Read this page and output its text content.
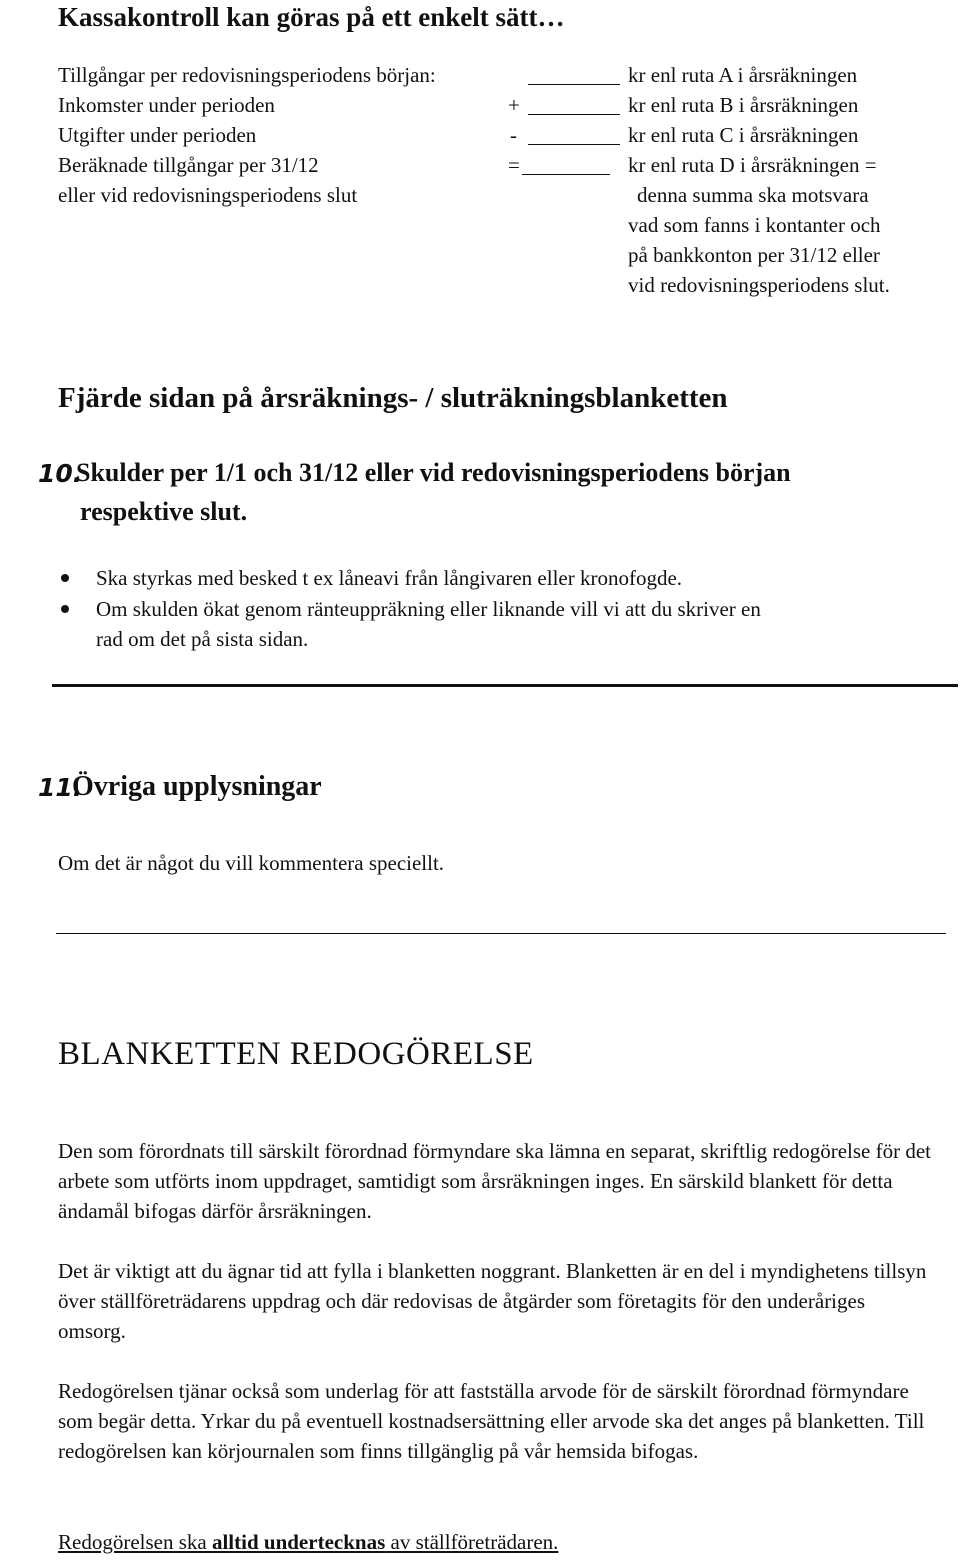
Kassakontroll kan göras på ett enkelt sätt…
Tillgångar per redovisningsperiodens början:	kr enl ruta A i årsräkningen
Inkomster under perioden	+	kr enl ruta B i årsräkningen
Utgifter under perioden	-	kr enl ruta C i årsräkningen
Beräknade tillgångar per 31/12	=	kr enl ruta D i årsräkningen =
eller vid redovisningsperiodens slut	denna summa ska motsvara
vad som fanns i kontanter och
på bankkonton per 31/12 eller
vid redovisningsperiodens slut.
Fjärde sidan på årsräknings- / sluträkningsblanketten
10.
Skulder per 1/1 och 31/12 eller vid redovisningsperiodens början
respektive slut.
Ska styrkas med besked t ex låneavi från långivaren eller kronofogde.
Om skulden ökat genom ränteuppräkning eller liknande vill vi att du skriver en
rad om det på sista sidan.
11.
Övriga upplysningar
Om det är något du vill kommentera speciellt.
BLANKETTEN REDOGÖRELSE
Den som förordnats till särskilt förordnad förmyndare ska lämna en separat, skriftlig redogörelse för det arbete som utförts inom uppdraget, samtidigt som årsräkningen inges. En särskild blankett för detta ändamål bifogas därför årsräkningen.
Det är viktigt att du ägnar tid att fylla i blanketten noggrant. Blanketten är en del i myndighetens tillsyn över ställföreträdarens uppdrag och där redovisas de åtgärder som företagits för den underåriges omsorg.
Redogörelsen tjänar också som underlag för att fastställa arvode för de särskilt förordnad förmyndare som begär detta. Yrkar du på eventuell kostnadsersättning eller arvode ska det anges på blanketten. Till redogörelsen kan körjournalen som finns tillgänglig på vår hemsida bifogas.
Redogörelsen ska alltid undertecknas av ställföreträdaren.
